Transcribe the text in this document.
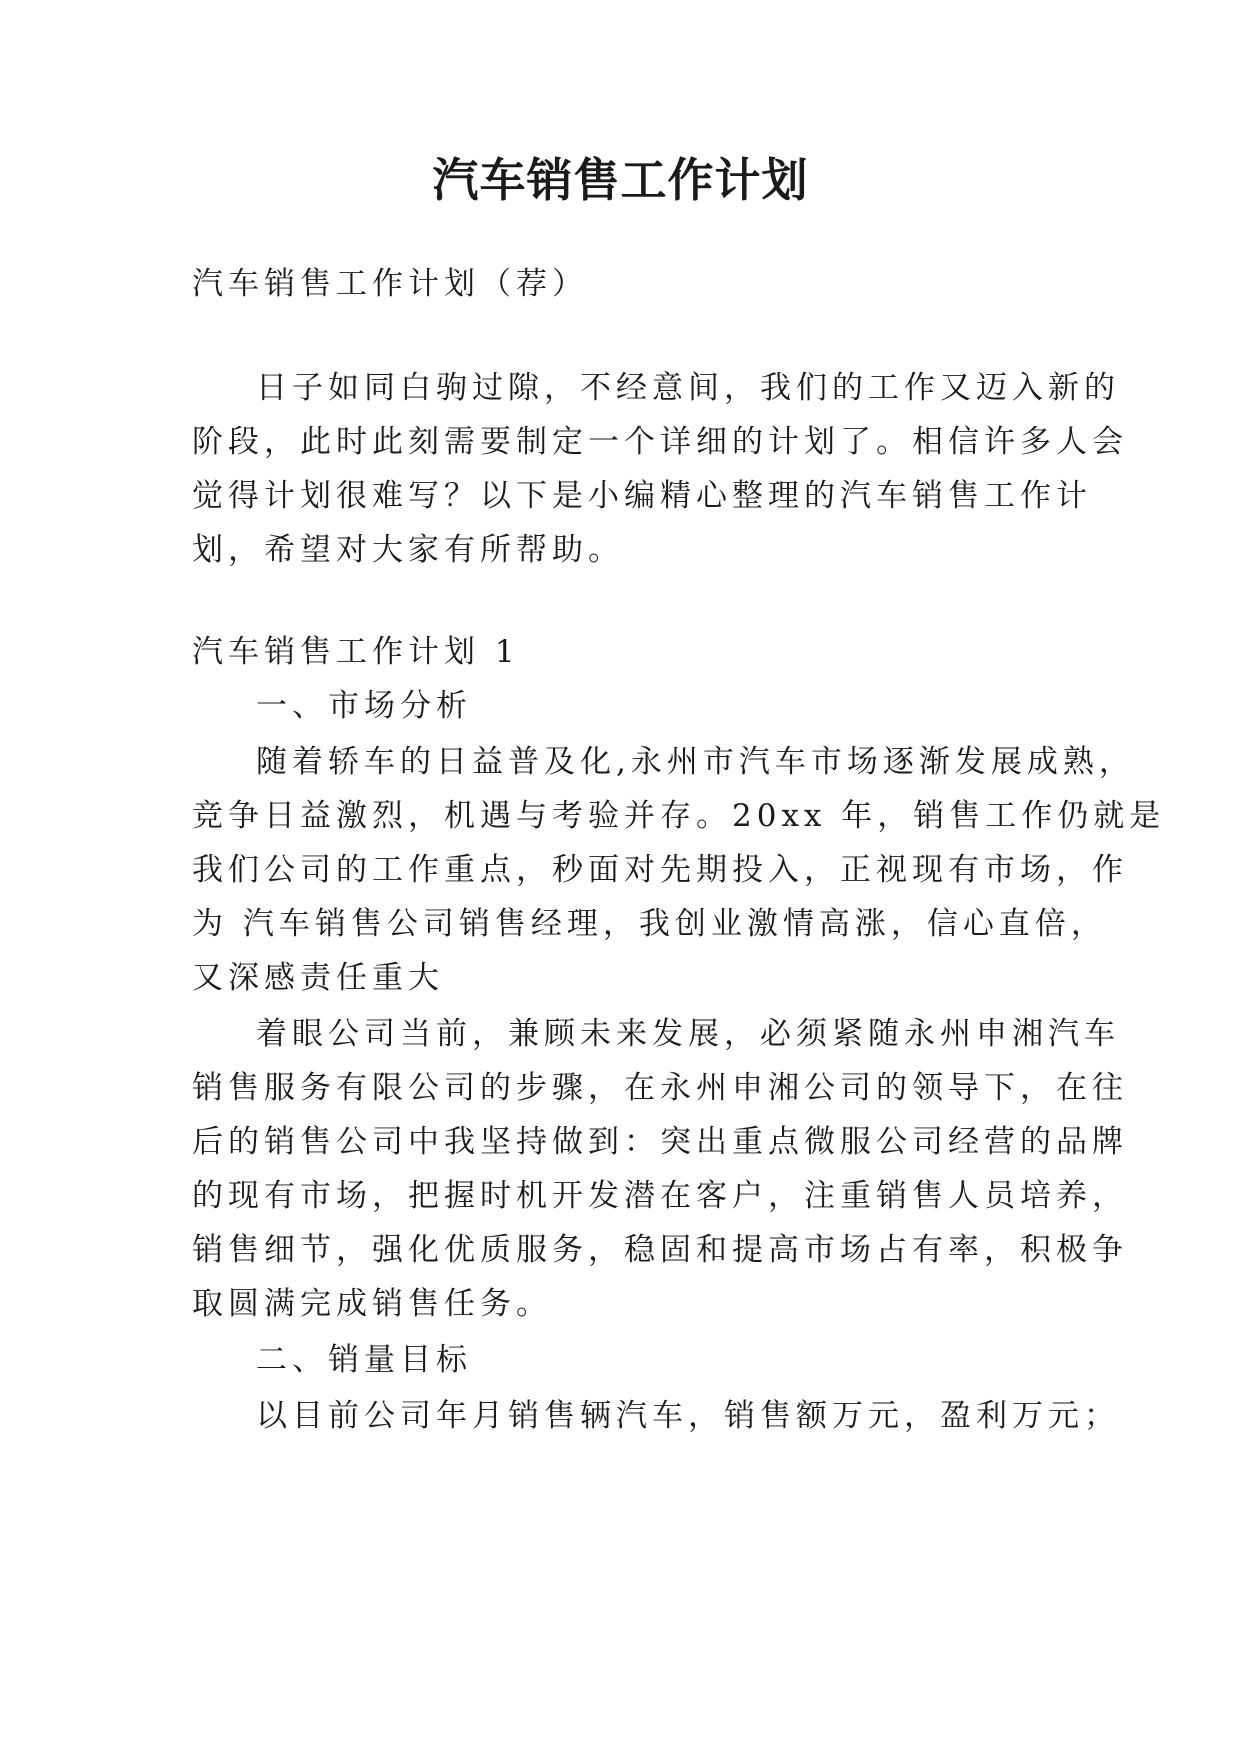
汽车销售工作计划
汽车销售工作计划（荐）
日子如同白驹过隙，不经意间，我们的工作又迈入新的
阶段，此时此刻需要制定一个详细的计划了。相信许多人会
觉得计划很难写？以下是小编精心整理的汽车销售工作计
划，希望对大家有所帮助。
汽车销售工作计划 1
一、市场分析
随着轿车的日益普及化,永州市汽车市场逐渐发展成熟，
竞争日益激烈，机遇与考验并存。20xx 年，销售工作仍就是
我们公司的工作重点，秒面对先期投入，正视现有市场，作
为 汽车销售公司销售经理，我创业激情高涨，信心直倍，
又深感责任重大
着眼公司当前，兼顾未来发展，必须紧随永州申湘汽车
销售服务有限公司的步骤，在永州申湘公司的领导下，在往
后的销售公司中我坚持做到：突出重点微服公司经营的品牌
的现有市场，把握时机开发潜在客户，注重销售人员培养，
销售细节，强化优质服务，稳固和提高市场占有率，积极争
取圆满完成销售任务。
二、销量目标
以目前公司年月销售辆汽车，销售额万元，盈利万元；
